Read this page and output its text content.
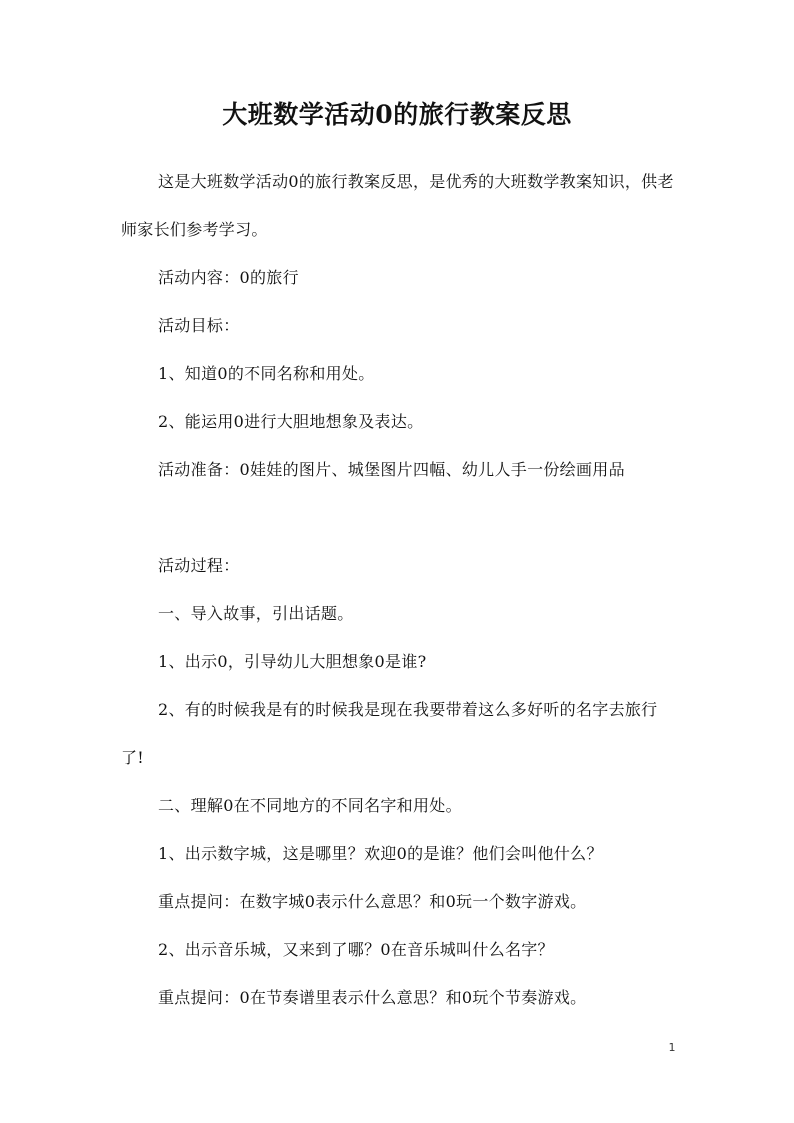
大班数学活动0的旅行教案反思

这是大班数学活动0的旅行教案反思，是优秀的大班数学教案知识，供老师家长们参考学习。

活动内容：0的旅行

活动目标：

1、知道0的不同名称和用处。

2、能运用0进行大胆地想象及表达。

活动准备：0娃娃的图片、城堡图片四幅、幼儿人手一份绘画用品

活动过程：

一、导入故事，引出话题。

1、出示0，引导幼儿大胆想象0是谁?

2、有的时候我是有的时候我是现在我要带着这么多好听的名字去旅行了!

二、理解0在不同地方的不同名字和用处。

1、出示数字城，这是哪里？欢迎0的是谁？他们会叫他什么？

重点提问：在数字城0表示什么意思？和0玩一个数字游戏。

2、出示音乐城，又来到了哪？0在音乐城叫什么名字？

重点提问：0在节奏谱里表示什么意思？和0玩个节奏游戏。

1
